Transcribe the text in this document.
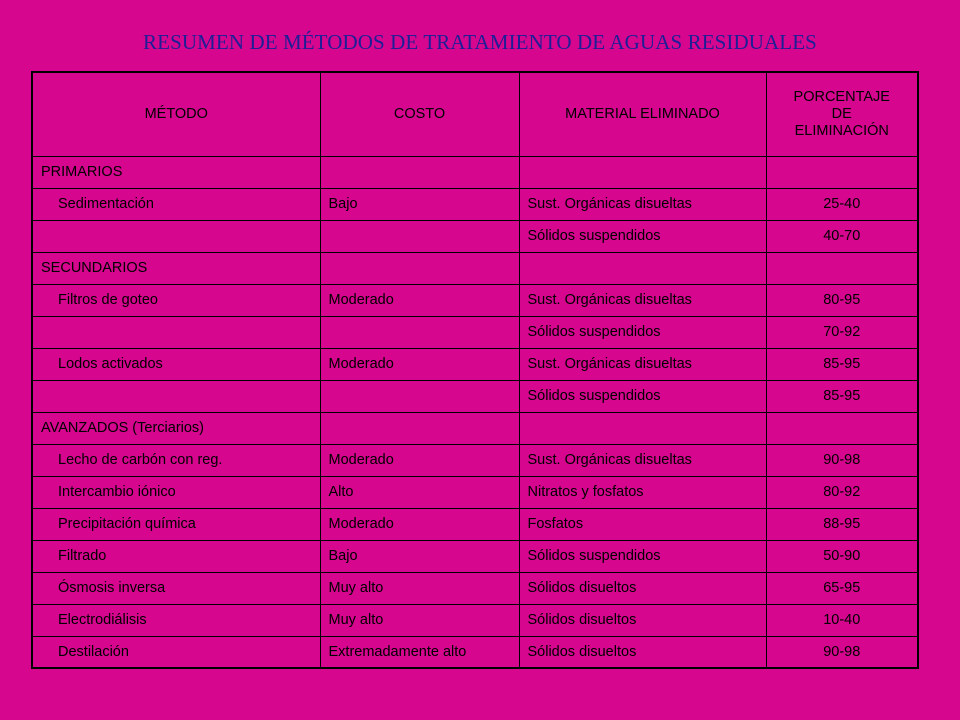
RESUMEN DE MÉTODOS DE TRATAMIENTO DE AGUAS RESIDUALES
MÉTODO	COSTO	MATERIAL ELIMINADO	PORCENTAJE
DE
ELIMINACIÓN
PRIMARIOS			
Sedimentación	Bajo	Sust. Orgánicas disueltas	25-40
		Sólidos suspendidos	40-70
SECUNDARIOS			
Filtros de goteo	Moderado	Sust. Orgánicas disueltas	80-95
		Sólidos suspendidos	70-92
Lodos activados	Moderado	Sust. Orgánicas disueltas	85-95
		Sólidos suspendidos	85-95
AVANZADOS (Terciarios)			
Lecho de carbón con reg.	Moderado	Sust. Orgánicas disueltas	90-98
Intercambio iónico	Alto	Nitratos y fosfatos	80-92
Precipitación química	Moderado	Fosfatos	88-95
Filtrado	Bajo	Sólidos suspendidos	50-90
Ósmosis inversa	Muy alto	Sólidos disueltos	65-95
Electrodiálisis	Muy alto	Sólidos disueltos	10-40
Destilación	Extremadamente alto	Sólidos disueltos	90-98
